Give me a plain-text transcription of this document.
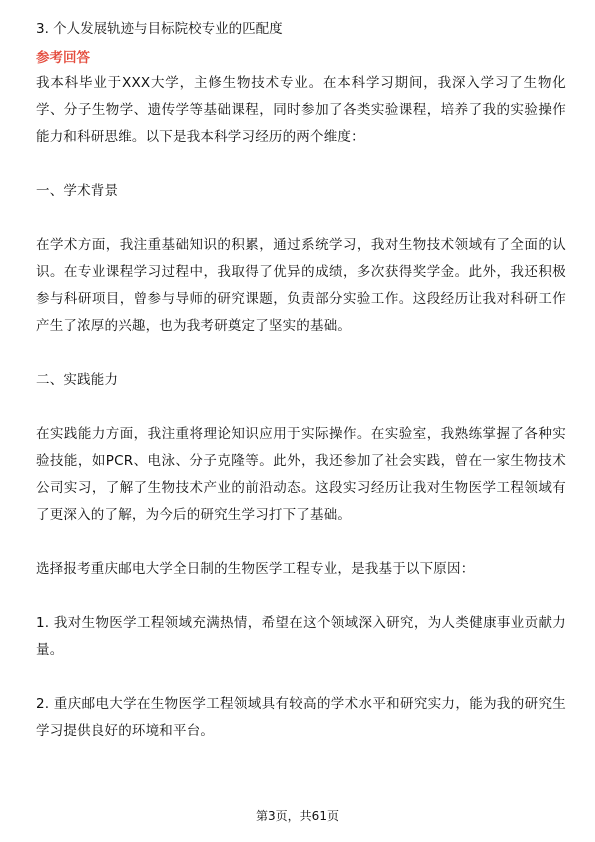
3. 个人发展轨迹与目标院校专业的匹配度

参考回答

我本科毕业于XXX大学，主修生物技术专业。在本科学习期间，我深入学习了生物化学、分子生物学、遗传学等基础课程，同时参加了各类实验课程，培养了我的实验操作能力和科研思维。以下是我本科学习经历的两个维度：

一、学术背景

在学术方面，我注重基础知识的积累，通过系统学习，我对生物技术领域有了全面的认识。在专业课程学习过程中，我取得了优异的成绩，多次获得奖学金。此外，我还积极参与科研项目，曾参与导师的研究课题，负责部分实验工作。这段经历让我对科研工作产生了浓厚的兴趣，也为我考研奠定了坚实的基础。

二、实践能力

在实践能力方面，我注重将理论知识应用于实际操作。在实验室，我熟练掌握了各种实验技能，如PCR、电泳、分子克隆等。此外，我还参加了社会实践，曾在一家生物技术公司实习，了解了生物技术产业的前沿动态。这段实习经历让我对生物医学工程领域有了更深入的了解，为今后的研究生学习打下了基础。

选择报考重庆邮电大学全日制的生物医学工程专业，是我基于以下原因：

1. 我对生物医学工程领域充满热情，希望在这个领域深入研究，为人类健康事业贡献力量。

2. 重庆邮电大学在生物医学工程领域具有较高的学术水平和研究实力，能为我的研究生学习提供良好的环境和平台。

第3页，共61页
